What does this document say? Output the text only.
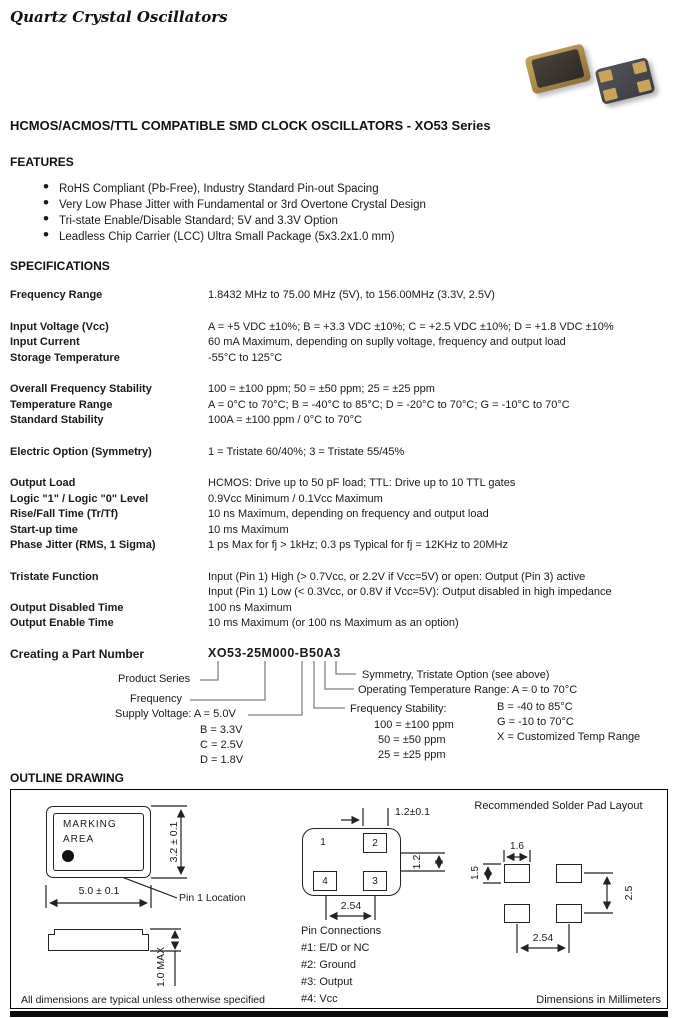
Quartz Crystal Oscillators
HCMOS/ACMOS/TTL COMPATIBLE SMD CLOCK OSCILLATORS - XO53 Series
FEATURES
• RoHS Compliant (Pb-Free), Industry Standard Pin-out Spacing
• Very Low Phase Jitter with Fundamental or 3rd Overtone Crystal Design
• Tri-state Enable/Disable Standard; 5V and 3.3V Option
• Leadless Chip Carrier (LCC) Ultra Small Package (5x3.2x1.0 mm)
SPECIFICATIONS
Frequency Range	1.8432 MHz to 75.00 MHz (5V), to 156.00MHz (3.3V, 2.5V)
Input Voltage (Vcc)	A = +5 VDC ±10%; B = +3.3 VDC ±10%; C = +2.5 VDC ±10%; D = +1.8 VDC ±10%
Input Current	60 mA Maximum, depending on suplly voltage, frequency and output load
Storage Temperature	-55°C to 125°C
Overall Frequency Stability	100 = ±100 ppm; 50 = ±50 ppm; 25 = ±25 ppm
Temperature Range	A = 0°C to 70°C; B = -40°C to 85°C; D = -20°C to 70°C; G = -10°C to 70°C
Standard Stability	100A = ±100 ppm / 0°C to 70°C
Electric Option (Symmetry)	1 = Tristate 60/40%; 3 = Tristate 55/45%
Output Load	HCMOS: Drive up to 50 pF load; TTL: Drive up to 10 TTL gates
Logic "1" / Logic "0" Level	0.9Vcc Minimum / 0.1Vcc Maximum
Rise/Fall Time (Tr/Tf)	10 ns Maximum, depending on frequency and output load
Start-up time	10 ms Maximum
Phase Jitter (RMS, 1 Sigma)	1 ps Max for fj > 1kHz; 0.3 ps Typical for fj = 12KHz to 20MHz
Tristate Function	Input (Pin 1) High (> 0.7Vcc, or 2.2V if Vcc=5V) or open: Output (Pin 3) active
Input (Pin 1) Low (< 0.3Vcc, or 0.8V if Vcc=5V): Output disabled in high impedance
Output Disabled Time	100 ns Maximum
Output Enable Time	10 ms Maximum (or 100 ns Maximum as an option)
Creating a Part Number	XO53-25M000-B50A3
Product Series
Frequency
Supply Voltage: A = 5.0V
B = 3.3V
C = 2.5V
D = 1.8V
Symmetry, Tristate Option (see above)
Operating Temperature Range: A = 0 to 70°C
B = -40 to 85°C
G = -10 to 70°C
X = Customized Temp Range
Frequency Stability:
100 = ±100 ppm
50 = ±50 ppm
25 = ±25 ppm
OUTLINE DRAWING
MARKING
AREA	3.2 ± 0.1
5.0 ± 0.1
Pin 1 Location
1	2
4	3
1.2±0.1
1.2
2.54
Recommended Solder Pad Layout
1.6
1.5
2.5
2.54
1.0 MAX
Pin Connections
#1: E/D or NC
#2: Ground
#3: Output
#4: Vcc
All dimensions are typical unless otherwise specified	Dimensions in Millimeters
